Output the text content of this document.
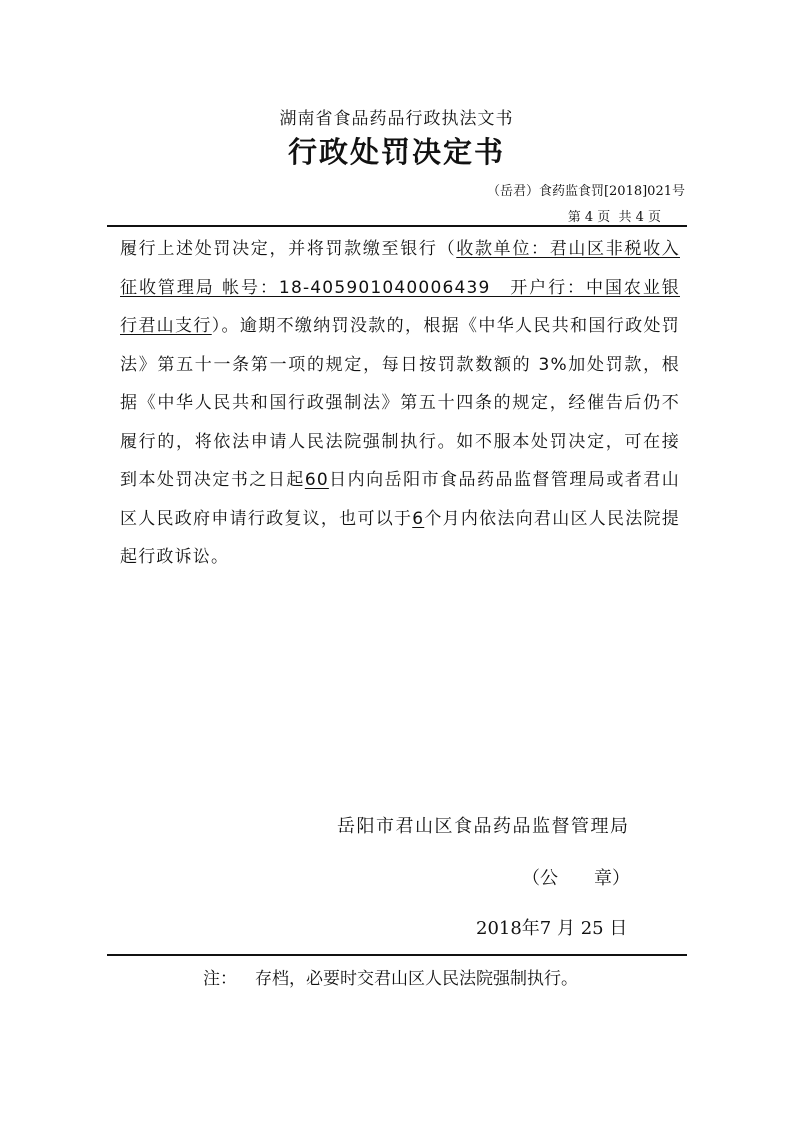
湖南省食品药品行政执法文书
行政处罚决定书
（岳君）食药监食罚[2018]021号
第 4 页 共 4 页
履行上述处罚决定，并将罚款缴至银行（收款单位：君山区非税收入征收管理局 帐号：18-405901040006439　开户行：中国农业银行君山支行）。逾期不缴纳罚没款的，根据《中华人民共和国行政处罚法》第五十一条第一项的规定，每日按罚款数额的 3%加处罚款，根据《中华人民共和国行政强制法》第五十四条的规定，经催告后仍不履行的，将依法申请人民法院强制执行。如不服本处罚决定，可在接到本处罚决定书之日起60日内向岳阳市食品药品监督管理局或者君山区人民政府申请行政复议，也可以于6个月内依法向君山区人民法院提起行政诉讼。
岳阳市君山区食品药品监督管理局
（公　　章）
2018年7 月 25 日
注： 存档，必要时交君山区人民法院强制执行。
